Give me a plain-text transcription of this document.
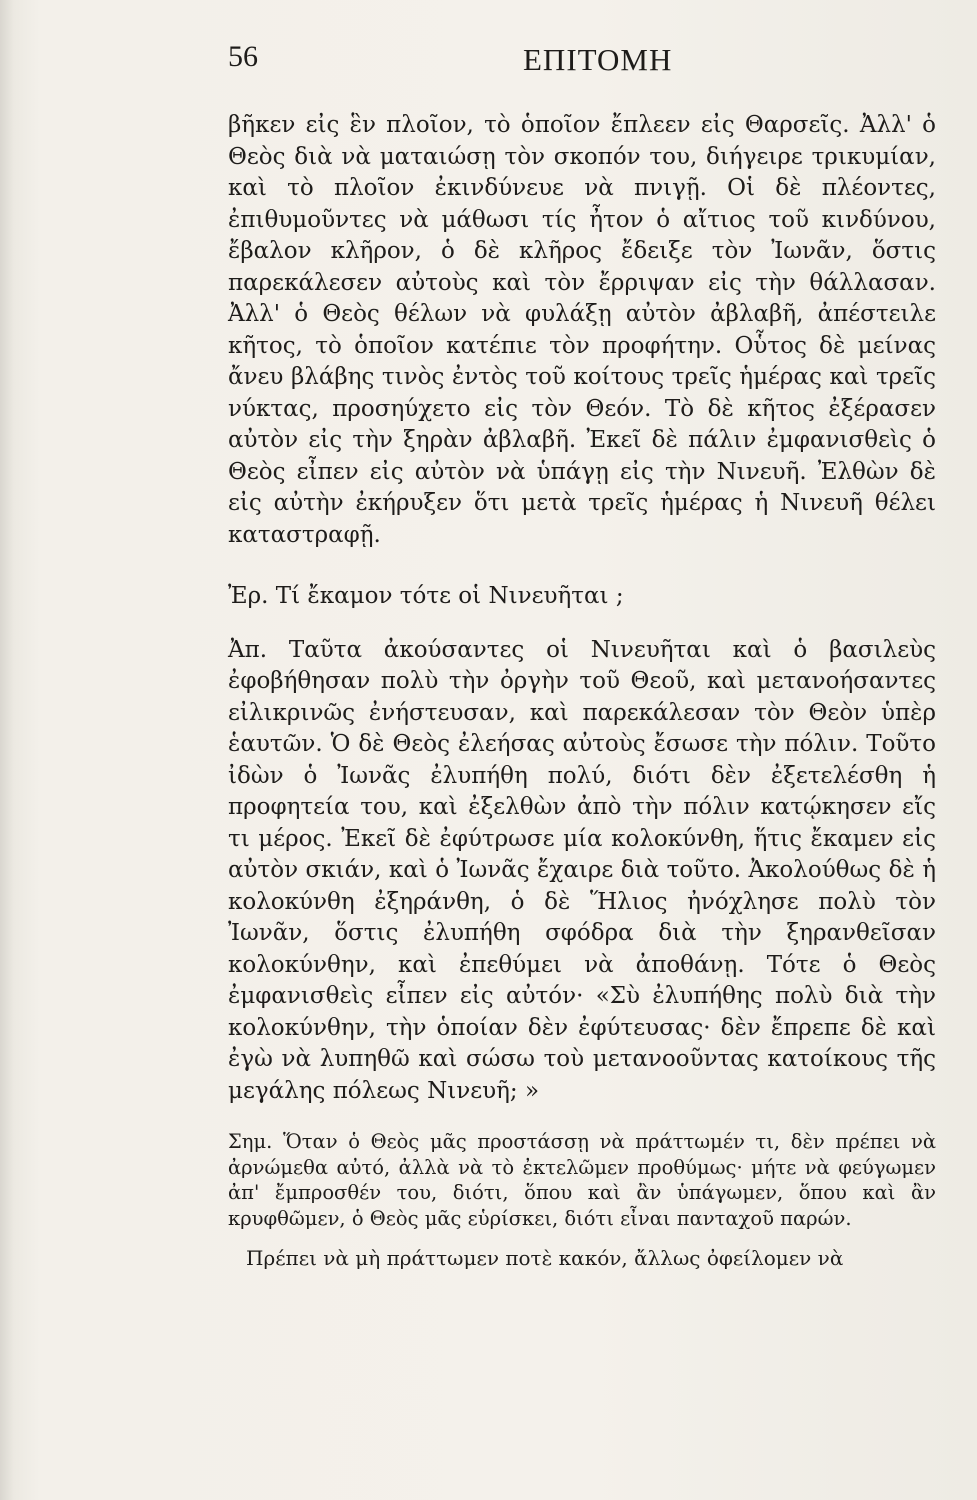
56	ΕΠΙΤΟΜΗ

βῆκεν εἰς ἓν πλοῖον, τὸ ὁποῖον ἔπλεεν εἰς Θαρσεῖς. Ἀλλ' ὁ Θεὸς διὰ νὰ ματαιώσῃ τὸν σκοπόν του, διήγειρε τρικυμίαν, καὶ τὸ πλοῖον ἐκινδύνευε νὰ πνιγῇ. Οἱ δὲ πλέοντες, ἐπιθυμοῦντες νὰ μάθωσι τίς ἦτον ὁ αἴτιος τοῦ κινδύνου, ἔβαλον κλῆρον, ὁ δὲ κλῆρος ἔδειξε τὸν Ἰωνᾶν, ὅστις παρεκάλεσεν αὐτοὺς καὶ τὸν ἔρριψαν εἰς τὴν θάλλασαν. Ἀλλ' ὁ Θεὸς θέλων νὰ φυλάξῃ αὐτὸν ἀβλαβῆ, ἀπέστειλε κῆτος, τὸ ὁποῖον κατέπιε τὸν προφήτην. Οὗτος δὲ μείνας ἄνευ βλάβης τινὸς ἐντὸς τοῦ κοίτους τρεῖς ἡμέρας καὶ τρεῖς νύκτας, προσηύχετο εἰς τὸν Θεόν. Τὸ δὲ κῆτος ἐξέρασεν αὐτὸν εἰς τὴν ξηρὰν ἀβλαβῆ. Ἐκεῖ δὲ πάλιν ἐμφανισθεὶς ὁ Θεὸς εἶπεν εἰς αὐτὸν νὰ ὑπάγῃ εἰς τὴν Νινευῆ. Ἐλθὼν δὲ εἰς αὐτὴν ἐκήρυξεν ὅτι μετὰ τρεῖς ἡμέρας ἡ Νινευῆ θέλει καταστραφῇ.

Ἐρ. Τί ἔκαμον τότε οἱ Νινευῆται ;

Ἀπ. Ταῦτα ἀκούσαντες οἱ Νινευῆται καὶ ὁ βασιλεὺς ἐφοβήθησαν πολὺ τὴν ὀργὴν τοῦ Θεοῦ, καὶ μετανοήσαντες εἰλικρινῶς ἐνήστευσαν, καὶ παρεκάλεσαν τὸν Θεὸν ὑπὲρ ἑαυτῶν. Ὁ δὲ Θεὸς ἐλεήσας αὐτοὺς ἔσωσε τὴν πόλιν. Τοῦτο ἰδὼν ὁ Ἰωνᾶς ἐλυπήθη πολύ, διότι δὲν ἐξετελέσθη ἡ προφητεία του, καὶ ἐξελθὼν ἀπὸ τὴν πόλιν κατῴκησεν εἴς τι μέρος. Ἐκεῖ δὲ ἐφύτρωσε μία κολοκύνθη, ἥτις ἔκαμεν εἰς αὐτὸν σκιάν, καὶ ὁ Ἰωνᾶς ἔχαιρε διὰ τοῦτο. Ἀκολούθως δὲ ἡ κολοκύνθη ἐξηράνθη, ὁ δὲ Ἥλιος ἠνόχλησε πολὺ τὸν Ἰωνᾶν, ὅστις ἐλυπήθη σφόδρα διὰ τὴν ξηρανθεῖσαν κολοκύνθην, καὶ ἐπεθύμει νὰ ἀποθάνῃ. Τότε ὁ Θεὸς ἐμφανισθεὶς εἶπεν εἰς αὐτόν· «Σὺ ἐλυπήθης πολὺ διὰ τὴν κολοκύνθην, τὴν ὁποίαν δὲν ἐφύτευσας· δὲν ἔπρεπε δὲ καὶ ἐγὼ νὰ λυπηθῶ καὶ σώσω τοὺ μετανοοῦντας κατοίκους τῆς μεγάλης πόλεως Νινευῆ; »

Σημ. Ὅταν ὁ Θεὸς μᾶς προστάσσῃ νὰ πράττωμέν τι, δὲν πρέπει νὰ ἀρνώμεθα αὐτό, ἀλλὰ νὰ τὸ ἐκτελῶμεν προθύμως· μήτε νὰ φεύγωμεν ἀπ' ἔμπροσθέν του, διότι, ὅπου καὶ ἂν ὑπάγωμεν, ὅπου καὶ ἂν κρυφθῶμεν, ὁ Θεὸς μᾶς εὑρίσκει, διότι εἶναι πανταχοῦ παρών.

Πρέπει νὰ μὴ πράττωμεν ποτὲ κακόν, ἄλλως ὀφείλομεν νὰ
